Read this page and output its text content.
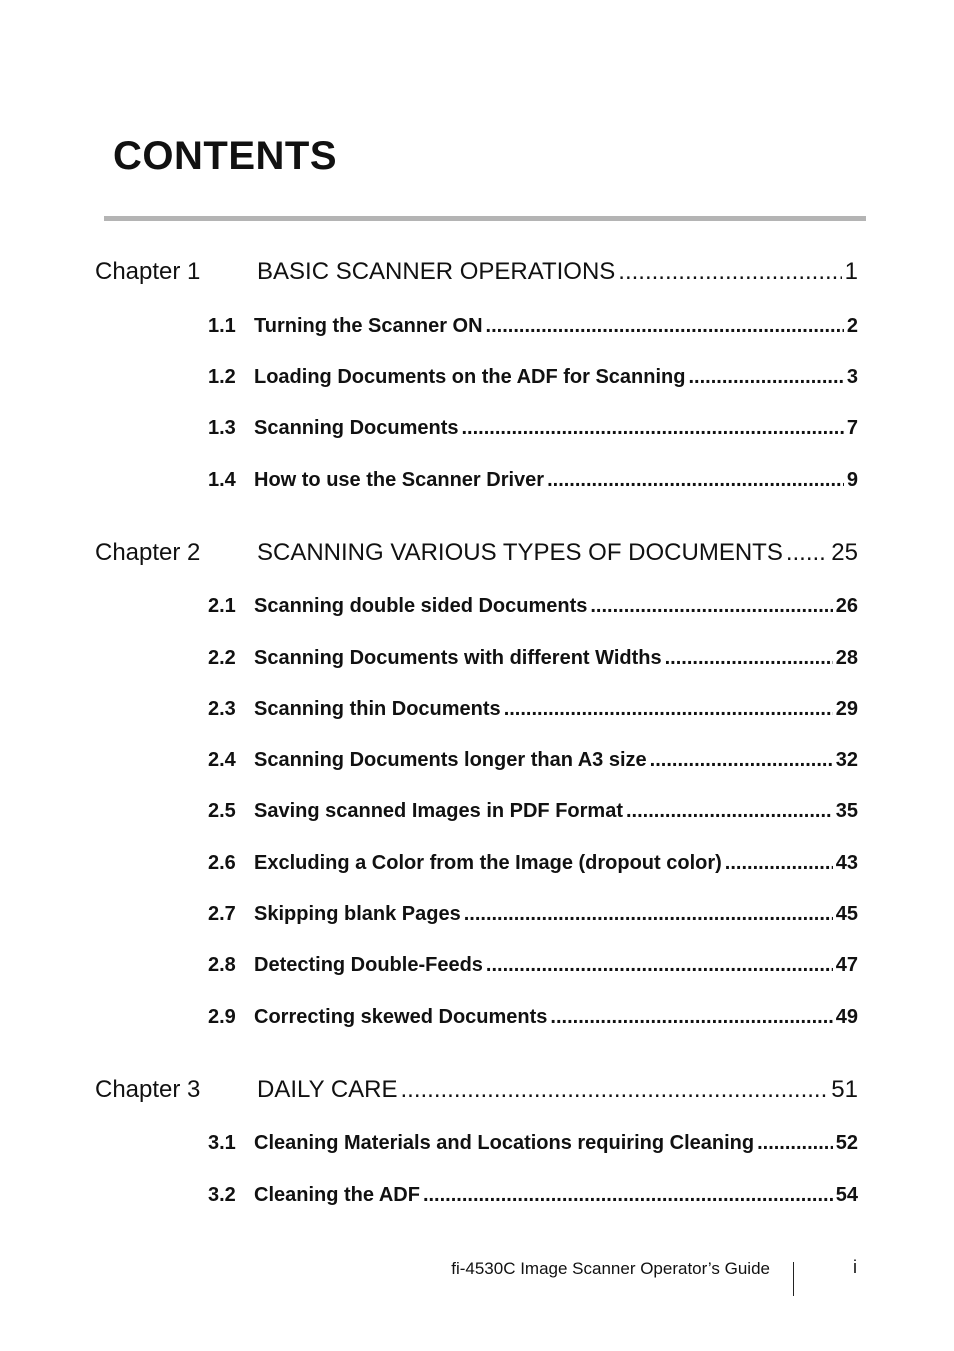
CONTENTS
Chapter 1	BASIC SCANNER OPERATIONS .....	1
1.1 Turning the Scanner ON .....	2
1.2 Loading Documents on the ADF for Scanning .....	3
1.3 Scanning Documents .....	7
1.4 How to use the Scanner Driver .....	9
Chapter 2	SCANNING VARIOUS TYPES OF DOCUMENTS ..... 25
2.1 Scanning double sided Documents .....	26
2.2 Scanning Documents with different Widths .....	28
2.3 Scanning thin Documents .....	29
2.4 Scanning Documents longer than A3 size .....	32
2.5 Saving scanned Images in PDF Format .....	35
2.6 Excluding a Color from the Image (dropout color) .....	43
2.7 Skipping blank Pages .....	45
2.8 Detecting Double-Feeds .....	47
2.9 Correcting skewed Documents .....	49
Chapter 3	DAILY CARE .....	51
3.1 Cleaning Materials and Locations requiring Cleaning .....	52
3.2 Cleaning the ADF .....	54
fi-4530C Image Scanner Operator’s Guide	i
